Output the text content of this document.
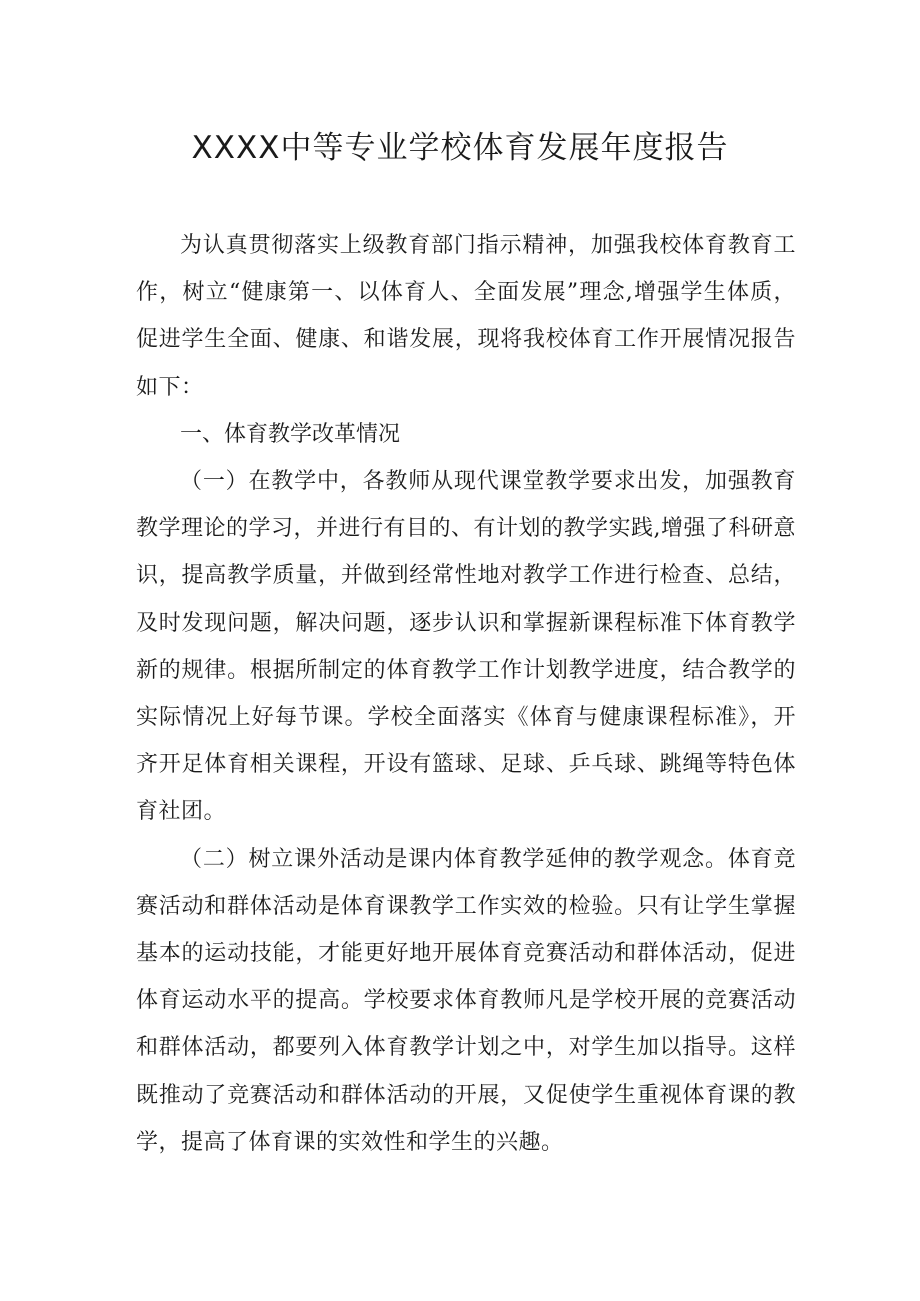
XXXX中等专业学校体育发展年度报告

为认真贯彻落实上级教育部门指示精神，加强我校体育教育工作，树立“健康第一、以体育人、全面发展”理念,增强学生体质，促进学生全面、健康、和谐发展，现将我校体育工作开展情况报告如下：

一、体育教学改革情况

（一）在教学中，各教师从现代课堂教学要求出发，加强教育教学理论的学习，并进行有目的、有计划的教学实践,增强了科研意识，提高教学质量，并做到经常性地对教学工作进行检查、总结，及时发现问题，解决问题，逐步认识和掌握新课程标准下体育教学新的规律。根据所制定的体育教学工作计划教学进度，结合教学的实际情况上好每节课。学校全面落实《体育与健康课程标准》，开齐开足体育相关课程，开设有篮球、足球、乒乓球、跳绳等特色体育社团。

（二）树立课外活动是课内体育教学延伸的教学观念。体育竞赛活动和群体活动是体育课教学工作实效的检验。只有让学生掌握基本的运动技能，才能更好地开展体育竞赛活动和群体活动，促进体育运动水平的提高。学校要求体育教师凡是学校开展的竞赛活动和群体活动，都要列入体育教学计划之中，对学生加以指导。这样既推动了竞赛活动和群体活动的开展，又促使学生重视体育课的教学，提高了体育课的实效性和学生的兴趣。
